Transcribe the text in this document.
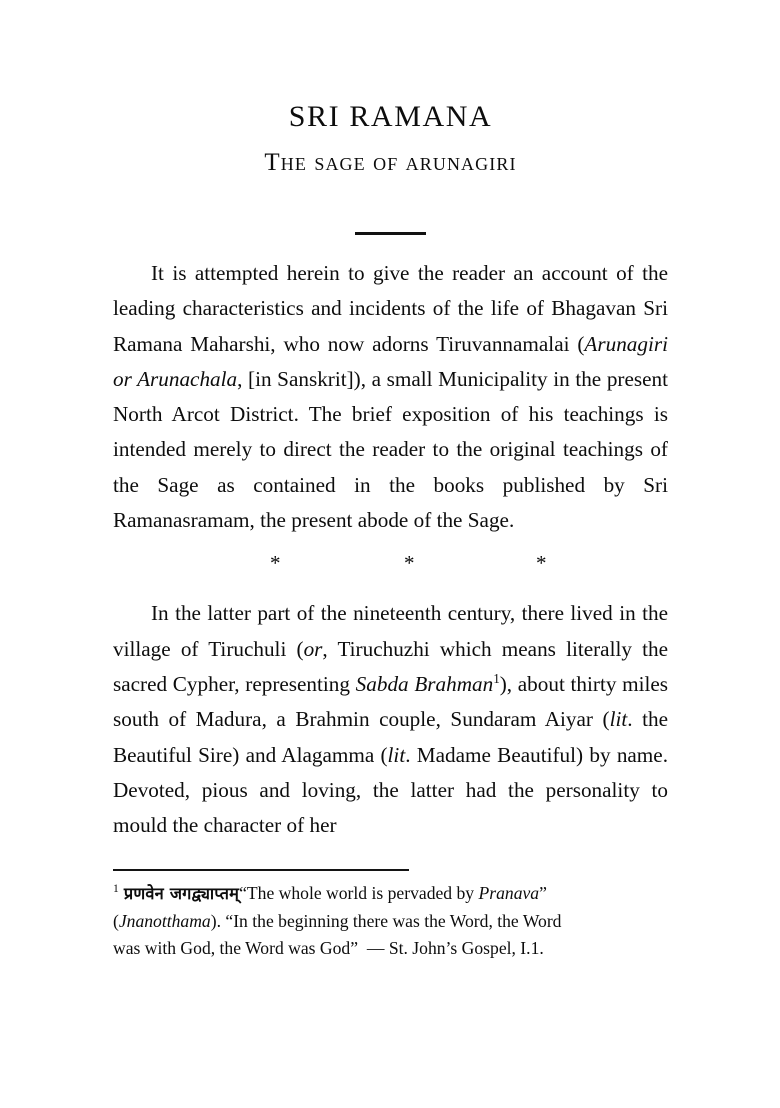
SRI RAMANA
The sage of arunagiri

It is attempted herein to give the reader an account of the leading characteristics and incidents of the life of Bhagavan Sri Ramana Maharshi, who now adorns Tiruvannamalai (Arunagiri or Arunachala, [in Sanskrit]), a small Municipality in the present North Arcot District. The brief exposition of his teachings is intended merely to direct the reader to the original teachings of the Sage as contained in the books published by Sri Ramanasramam, the present abode of the Sage.

*	*	*

In the latter part of the nineteenth century, there lived in the village of Tiruchuli (or, Tiruchuzhi which means literally the sacred Cypher, representing Sabda Brahman$^1$), about thirty miles south of Madura, a Brahmin couple, Sundaram Aiyar (lit. the Beautiful Sire) and Alagamma (lit. Madame Beautiful) by name. Devoted, pious and loving, the latter had the personality to mould the character of her

$^1$ प्रणवेन जगद्व्याप्तम्“The whole world is pervaded by Pranava”
(Jnanotthama). “In the beginning there was the Word, the Word
was with God, the Word was God”  — St. John’s Gospel, I.1.
